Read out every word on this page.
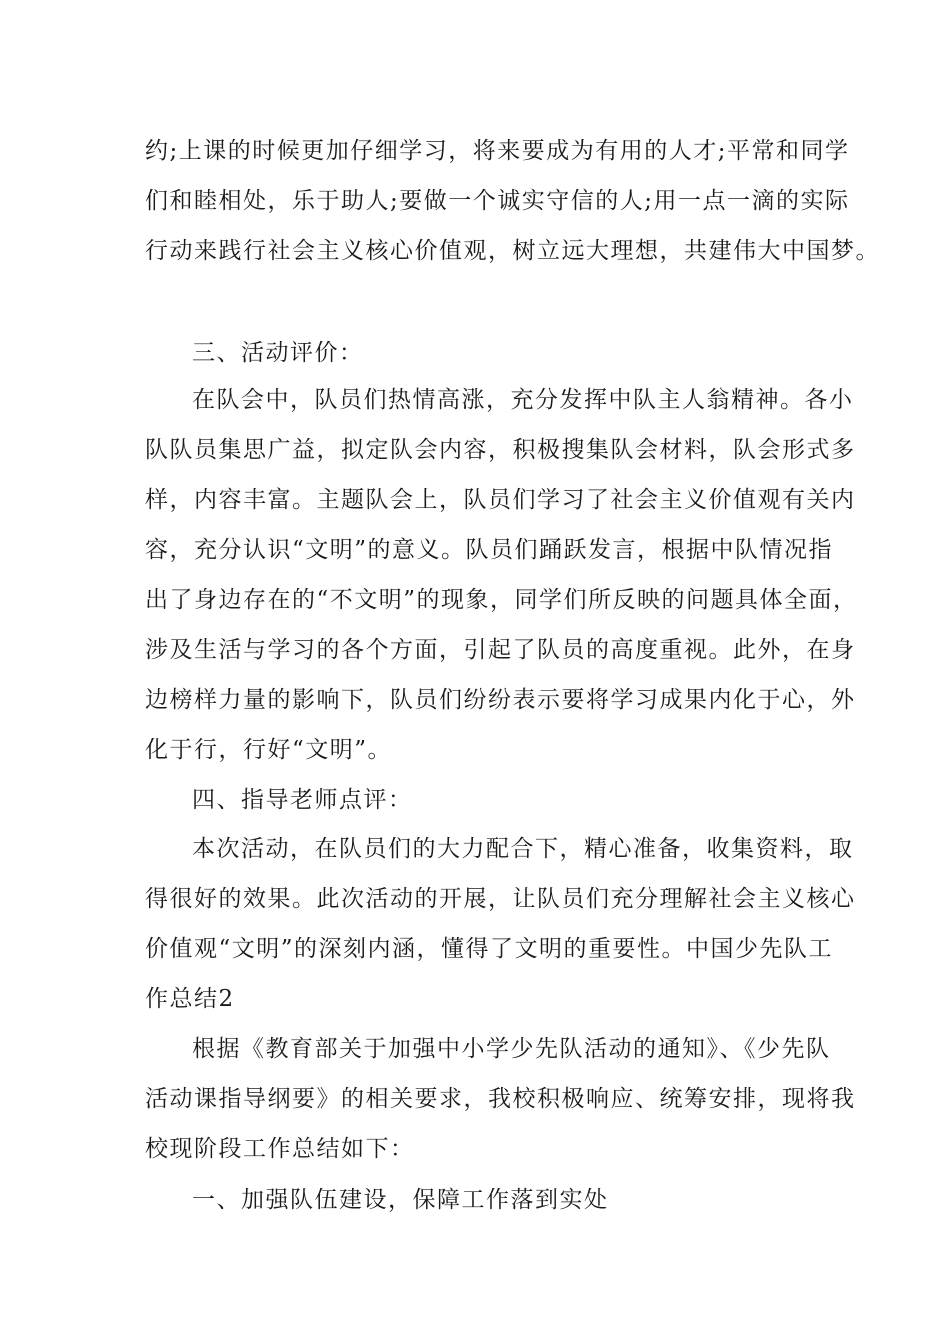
约;上课的时候更加仔细学习，将来要成为有用的人才;平常和同学
们和睦相处，乐于助人;要做一个诚实守信的人;用一点一滴的实际
行动来践行社会主义核心价值观，树立远大理想，共建伟大中国梦。
三、活动评价：
在队会中，队员们热情高涨，充分发挥中队主人翁精神。各小
队队员集思广益，拟定队会内容，积极搜集队会材料，队会形式多
样，内容丰富。主题队会上，队员们学习了社会主义价值观有关内
容，充分认识“文明”的意义。队员们踊跃发言，根据中队情况指
出了身边存在的“不文明”的现象，同学们所反映的问题具体全面，
涉及生活与学习的各个方面，引起了队员的高度重视。此外，在身
边榜样力量的影响下，队员们纷纷表示要将学习成果内化于心，外
化于行，行好“文明”。
四、指导老师点评：
本次活动，在队员们的大力配合下，精心准备，收集资料，取
得很好的效果。此次活动的开展，让队员们充分理解社会主义核心
价值观“文明”的深刻内涵，懂得了文明的重要性。中国少先队工
作总结2
根据《教育部关于加强中小学少先队活动的通知》、《少先队
活动课指导纲要》的相关要求，我校积极响应、统筹安排，现将我
校现阶段工作总结如下：
一、加强队伍建设，保障工作落到实处
